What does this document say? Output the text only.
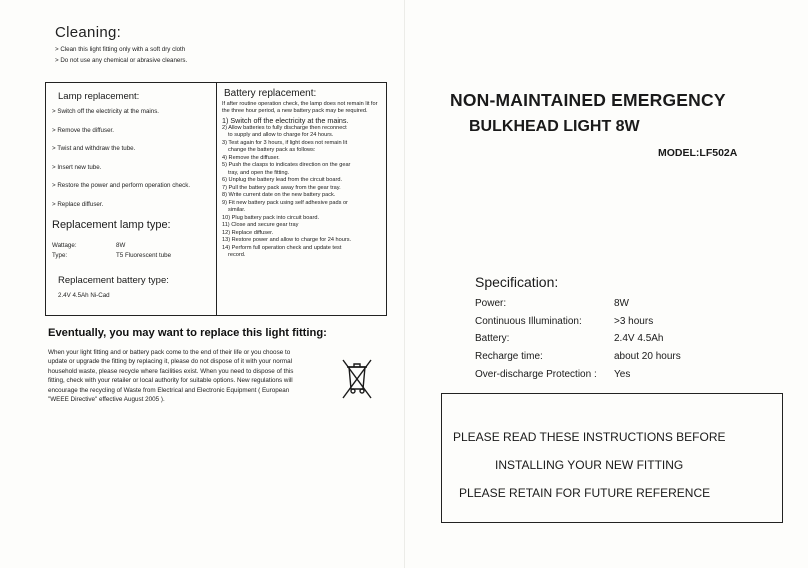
Cleaning:
> Clean this light fitting only with a soft dry cloth
> Do not use any chemical or abrasive cleaners.
Lamp replacement:
> Switch off the electricity at the mains.
> Remove the diffuser.
> Twist and withdraw the tube.
> Insert new tube.
> Restore the power and perform operation check.
> Replace diffuser.
Replacement lamp type:
Wattage:	8W
Type:	T5 Fluorescent tube
Replacement battery type:
2.4V 4.5Ah Ni-Cad
Battery replacement:
If after routine operation check, the lamp does not remain lit for the three hour period, a new battery pack may be required.
1) Switch off the electricity at the mains.
2) Allow batteries to fully discharge then reconnect
to supply and allow to charge for 24 hours.
3) Test again for 3 hours, if light does not remain lit
change the battery pack as follows:
4) Remove the diffuser.
5) Push the clasps to indicates direction on the gear
tray, and open the fitting.
6) Unplug the battery lead from the circuit board.
7) Pull the battery pack away from the gear tray.
8) Write current date on the new battery pack.
9) Fit new battery pack using self adhesive pads or
similar.
10) Plug battery pack into circuit board.
11) Close and secure gear tray
12) Replace diffuser.
13) Restore power and allow to charge for 24 hours.
14) Perform full operation check and update test
record.
Eventually, you may want to replace this light fitting:
When your light fitting and or battery pack come to the end of their life or you choose to
update or upgrade the fitting by replacing it, please do not dispose of it with your normal
household waste, please recycle where facilities exist. When you need to dispose of this
fitting, check with your retailer or local authority for suitable options. New regulations will
encourage the recycling of Waste from Electrical and Electronic Equipment ( European
"WEEE Directive" effective August 2005 ).
NON-MAINTAINED EMERGENCY
BULKHEAD LIGHT 8W
MODEL:LF502A
Specification:
Power:	8W
Continuous Illumination:	>3 hours
Battery:	2.4V 4.5Ah
Recharge time:	about 20 hours
Over-discharge Protection :	Yes
PLEASE READ THESE INSTRUCTIONS BEFORE
INSTALLING YOUR NEW FITTING
PLEASE RETAIN FOR FUTURE REFERENCE
